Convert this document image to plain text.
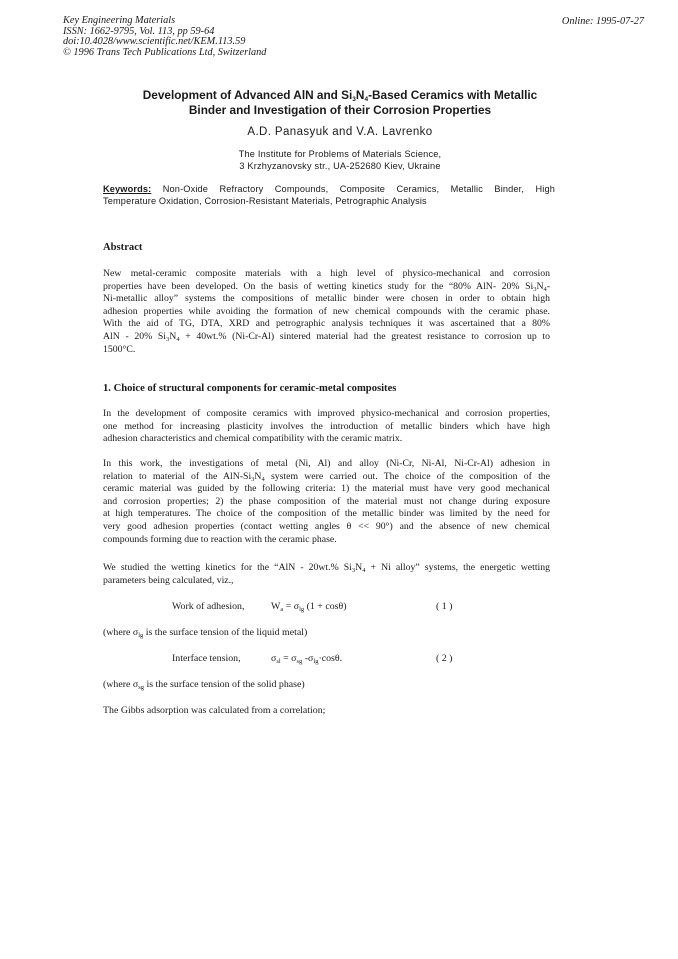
Key Engineering Materials
ISSN: 1662-9795, Vol. 113, pp 59-64
doi:10.4028/www.scientific.net/KEM.113.59
© 1996 Trans Tech Publications Ltd, Switzerland
Online: 1995-07-27
Development of Advanced AlN and $Si_3N_4$-Based Ceramics with Metallic
Binder and Investigation of their Corrosion Properties
A.D. Panasyuk and V.A. Lavrenko
The Institute for Problems of Materials Science,
3 Krzhyzanovsky str., UA-252680 Kiev, Ukraine
Keywords: Non-Oxide Refractory Compounds, Composite Ceramics, Metallic Binder, High
Temperature Oxidation, Corrosion-Resistant Materials, Petrographic Analysis
Abstract
New metal-ceramic composite materials with a high level of physico-mechanical and corrosion
properties have been developed. On the basis of wetting kinetics study for the “80% AlN- 20% $Si_3N_4-$
Ni-metallic alloy” systems the compositions of metallic binder were chosen in order to obtain high
adhesion properties while avoiding the formation of new chemical compounds with the ceramic phase.
With the aid of TG, DTA, XRD and petrographic analysis techniques it was ascertained that a 80%
AlN - 20% $Si_3N_4 + 40wt.\%$ (Ni-Cr-Al) sintered material had the greatest resistance to corrosion up to
1500°C.
1. Choice of structural components for ceramic-metal composites
In the development of composite ceramics with improved physico-mechanical and corrosion properties,
one method for increasing plasticity involves the introduction of metallic binders which have high
adhesion characteristics and chemical compatibility with the ceramic matrix.
In this work, the investigations of metal (Ni, Al) and alloy (Ni-Cr, Ni-Al, Ni-Cr-Al) adhesion in
relation to material of the AlN-$Si_3N_4$ system were carried out. The choice of the composition of the
ceramic material was guided by the following criteria: 1) the material must have very good mechanical
and corrosion properties; 2) the phase composition of the material must not change during exposure
at high temperatures. The choice of the composition of the metallic binder was limited by the need for
very good adhesion properties (contact wetting angles θ << 90°) and the absence of new chemical
compounds forming due to reaction with the ceramic phase.
We studied the wetting kinetics for the “AlN - 20wt.% $Si_3N_4 + Ni$ alloy” systems, the energetic wetting
parameters being calculated, viz.,
Work of adhesion,	$W_a = \sigma_{lg}$ (1 + cosθ)	( 1 )
(where $\sigma_{lg}$ is the surface tension of the liquid metal)
Interface tension,	$\sigma_{sl} = \sigma_{sg}$ $-\sigma_{lg}\cdot\cos\theta$.	( 2 )
(where $\sigma_{sg}$ is the surface tension of the solid phase)
The Gibbs adsorption was calculated from a correlation;
